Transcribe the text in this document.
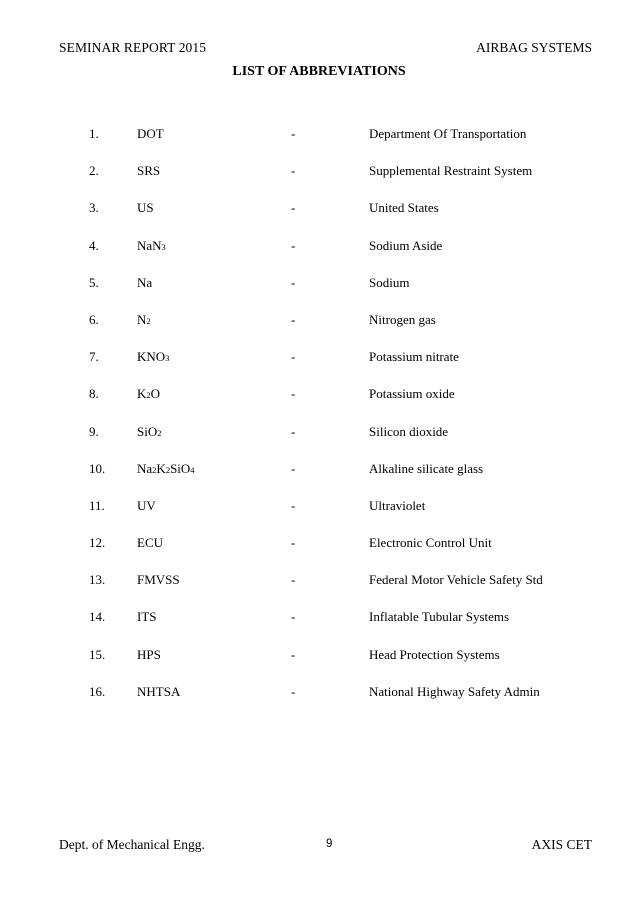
SEMINAR REPORT 2015	AIRBAG SYSTEMS
LIST OF ABBREVIATIONS
1.	DOT	-	Department Of Transportation
2.	SRS	-	Supplemental Restraint System
3.	US	-	United States
4.	NaN3	-	Sodium Aside
5.	Na	-	Sodium
6.	N2	-	Nitrogen gas
7.	KNO3	-	Potassium nitrate
8.	K2O	-	Potassium oxide
9.	SiO2	-	Silicon dioxide
10. Na2K2SiO4	-	Alkaline silicate glass
11. UV	-	Ultraviolet
12. ECU	-	Electronic Control Unit
13. FMVSS	-	Federal Motor Vehicle Safety Std
14. ITS	-	Inflatable Tubular Systems
15. HPS	-	Head Protection Systems
16. NHTSA	-	National Highway Safety Admin
Dept. of Mechanical Engg.	9	AXIS CET
